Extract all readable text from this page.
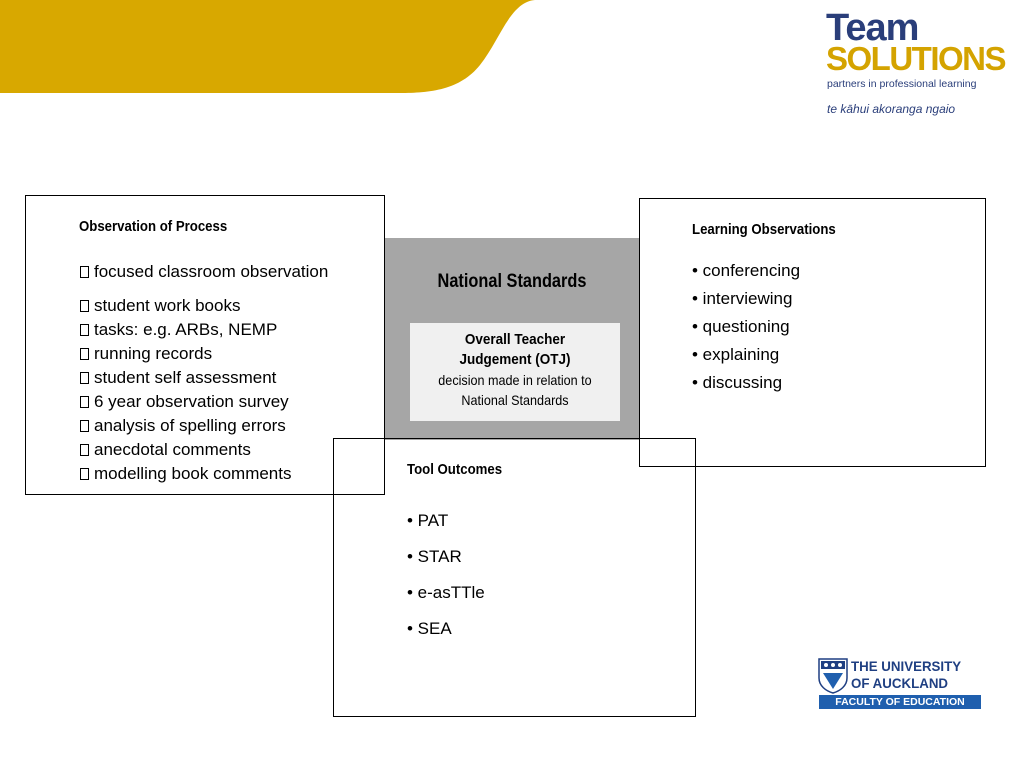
Team
SOLUTIONS
partners in professional learning
te kāhui akoranga ngaio
National Standards
Overall Teacher
Judgement (OTJ)
decision made in relation to
National Standards
Observation of Process
focused classroom observation
student work books
tasks: e.g. ARBs, NEMP
running records
student self assessment
6 year observation survey
analysis of spelling errors
anecdotal comments
modelling book comments
Learning Observations
• conferencing
• interviewing
• questioning
• explaining
• discussing
Tool Outcomes
• PAT
• STAR
• e-asTTle
• SEA
THE UNIVERSITY
OF AUCKLAND
FACULTY OF EDUCATION
